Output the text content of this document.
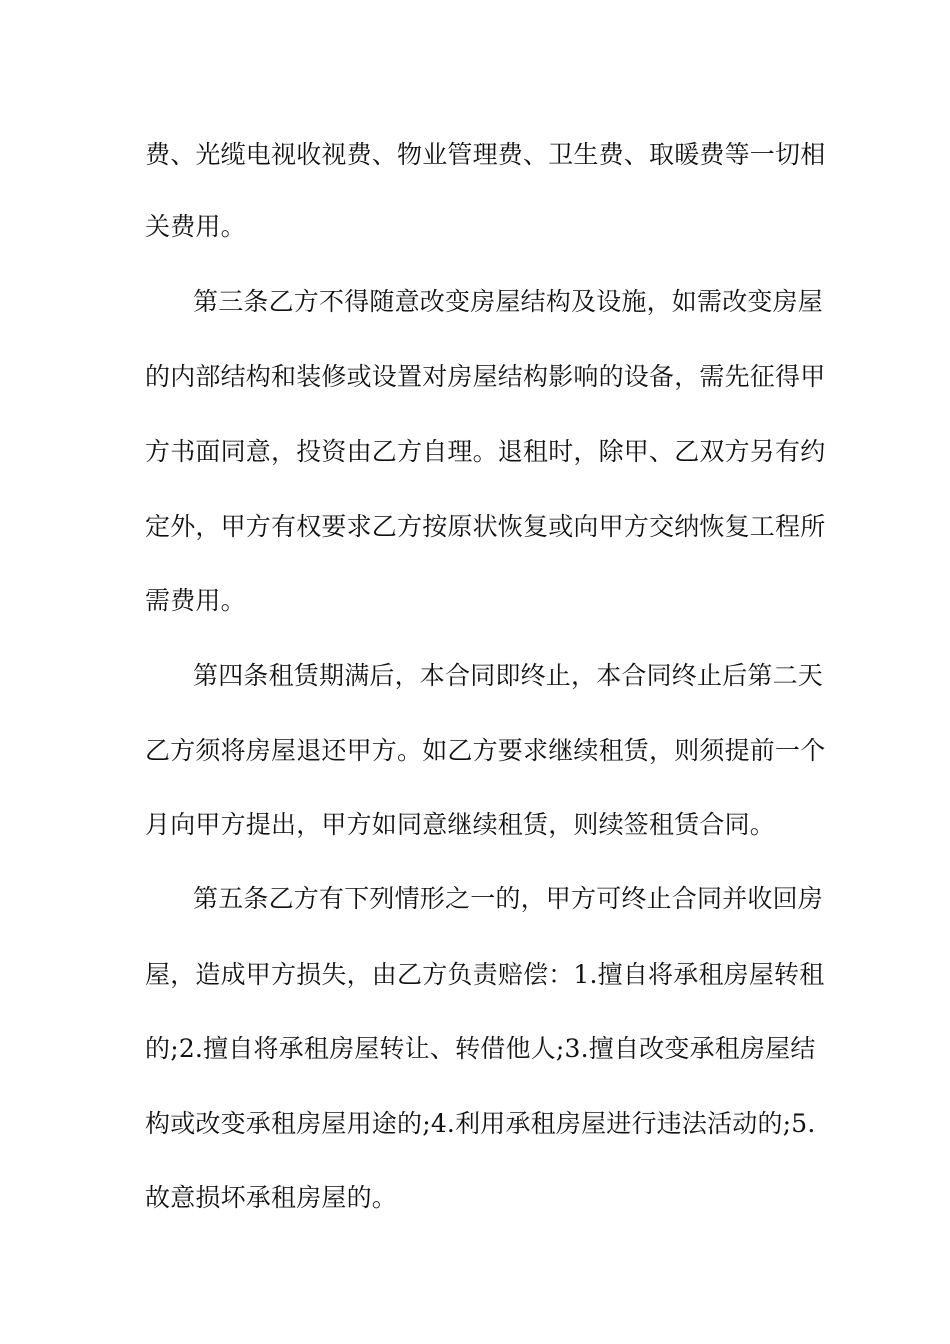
费、光缆电视收视费、物业管理费、卫生费、取暖费等一切相
关费用。
第三条乙方不得随意改变房屋结构及设施，如需改变房屋
的内部结构和装修或设置对房屋结构影响的设备，需先征得甲
方书面同意，投资由乙方自理。退租时，除甲、乙双方另有约
定外，甲方有权要求乙方按原状恢复或向甲方交纳恢复工程所
需费用。
第四条租赁期满后，本合同即终止，本合同终止后第二天
乙方须将房屋退还甲方。如乙方要求继续租赁，则须提前一个
月向甲方提出，甲方如同意继续租赁，则续签租赁合同。
第五条乙方有下列情形之一的，甲方可终止合同并收回房
屋，造成甲方损失，由乙方负责赔偿：1.擅自将承租房屋转租
的;2.擅自将承租房屋转让、转借他人;3.擅自改变承租房屋结
构或改变承租房屋用途的;4.利用承租房屋进行违法活动的;5.
故意损坏承租房屋的。
